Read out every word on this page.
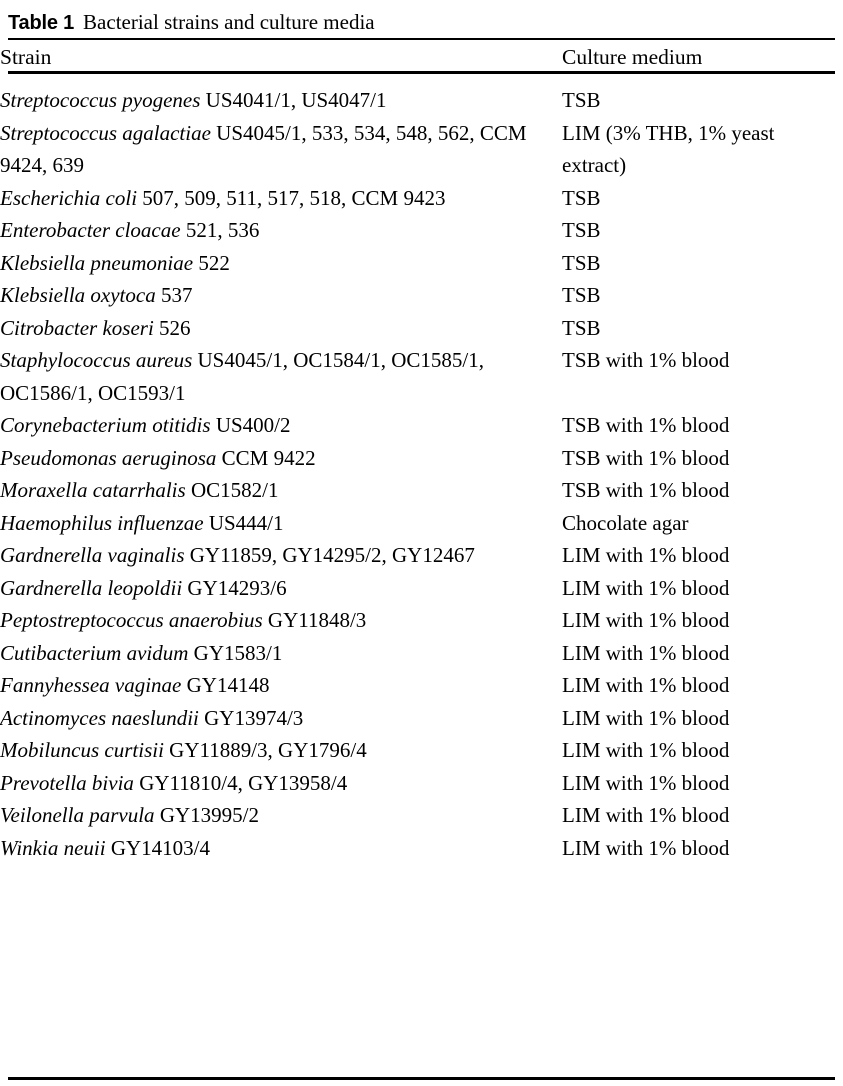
Table 1 Bacterial strains and culture media

Strain	Culture medium

Streptococcus pyogenes US4041/1, US4047/1	TSB
Streptococcus agalactiae US4045/1, 533, 534, 548, 562, CCM 9424, 639	LIM (3% THB, 1% yeast extract)
Escherichia coli 507, 509, 511, 517, 518, CCM 9423	TSB
Enterobacter cloacae 521, 536	TSB
Klebsiella pneumoniae 522	TSB
Klebsiella oxytoca 537	TSB
Citrobacter koseri 526	TSB
Staphylococcus aureus US4045/1, OC1584/1, OC1585/1, OC1586/1, OC1593/1	TSB with 1% blood
Corynebacterium otitidis US400/2	TSB with 1% blood
Pseudomonas aeruginosa CCM 9422	TSB with 1% blood
Moraxella catarrhalis OC1582/1	TSB with 1% blood
Haemophilus influenzae US444/1	Chocolate agar
Gardnerella vaginalis GY11859, GY14295/2, GY12467	LIM with 1% blood
Gardnerella leopoldii GY14293/6	LIM with 1% blood
Peptostreptococcus anaerobius GY11848/3	LIM with 1% blood
Cutibacterium avidum GY1583/1	LIM with 1% blood
Fannyhessea vaginae GY14148	LIM with 1% blood
Actinomyces naeslundii GY13974/3	LIM with 1% blood
Mobiluncus curtisii GY11889/3, GY1796/4	LIM with 1% blood
Prevotella bivia GY11810/4, GY13958/4	LIM with 1% blood
Veilonella parvula GY13995/2	LIM with 1% blood
Winkia neuii GY14103/4	LIM with 1% blood
